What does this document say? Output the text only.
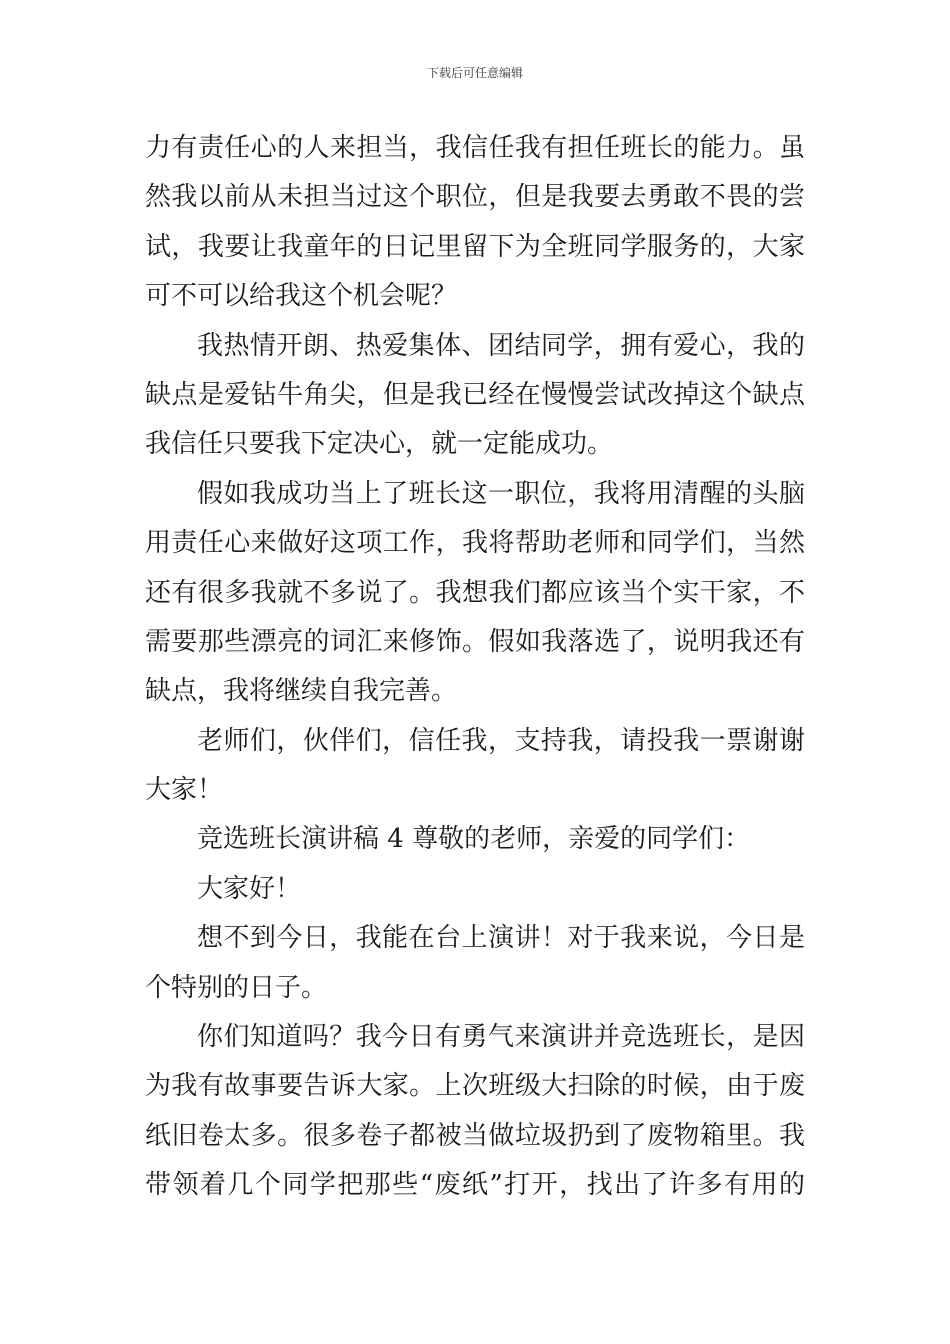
下载后可任意编辑
力有责任心的人来担当，我信任我有担任班长的能力。虽
然我以前从未担当过这个职位，但是我要去勇敢不畏的尝
试，我要让我童年的日记里留下为全班同学服务的，大家
可不可以给我这个机会呢？
我热情开朗、热爱集体、团结同学，拥有爱心，我的
缺点是爱钻牛角尖，但是我已经在慢慢尝试改掉这个缺点
我信任只要我下定决心，就一定能成功。
假如我成功当上了班长这一职位，我将用清醒的头脑
用责任心来做好这项工作，我将帮助老师和同学们，当然
还有很多我就不多说了。我想我们都应该当个实干家，不
需要那些漂亮的词汇来修饰。假如我落选了，说明我还有
缺点，我将继续自我完善。
老师们，伙伴们，信任我，支持我，请投我一票谢谢
大家！
竞选班长演讲稿 4 尊敬的老师，亲爱的同学们：
大家好！
想不到今日，我能在台上演讲！对于我来说，今日是
个特别的日子。
你们知道吗？我今日有勇气来演讲并竞选班长，是因
为我有故事要告诉大家。上次班级大扫除的时候，由于废
纸旧卷太多。很多卷子都被当做垃圾扔到了废物箱里。我
带领着几个同学把那些“废纸”打开，找出了许多有用的
